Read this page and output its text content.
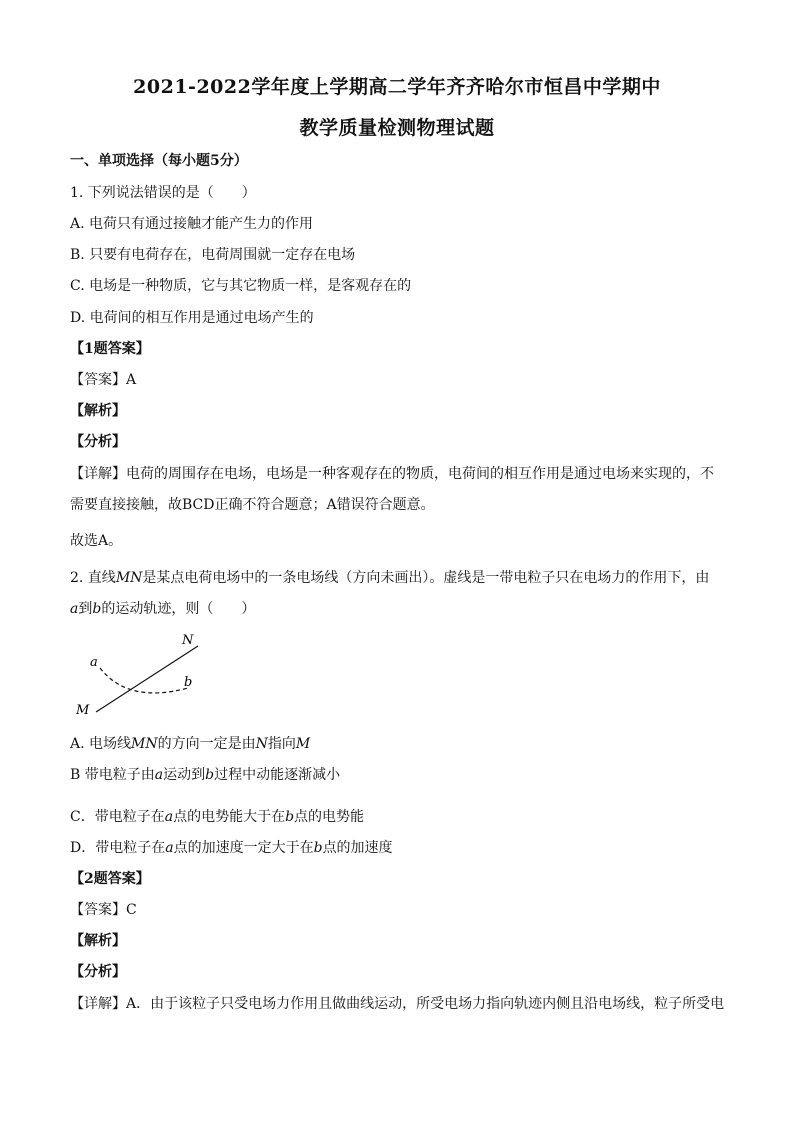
2021-2022学年度上学期高二学年齐齐哈尔市恒昌中学期中
教学质量检测物理试题
一、单项选择（每小题5分）
1. 下列说法错误的是（　　）
A. 电荷只有通过接触才能产生力的作用
B. 只要有电荷存在，电荷周围就一定存在电场
C. 电场是一种物质，它与其它物质一样，是客观存在的
D. 电荷间的相互作用是通过电场产生的
【1题答案】
【答案】A
【解析】
【分析】
【详解】电荷的周围存在电场，电场是一种客观存在的物质，电荷间的相互作用是通过电场来实现的，不
需要直接接触，故BCD正确不符合题意；A错误符合题意。
故选A。
2. 直线MN是某点电荷电场中的一条电场线（方向未画出）。虚线是一带电粒子只在电场力的作用下，由
a到b的运动轨迹，则（　　）
N
M
a
b
A. 电场线MN的方向一定是由N指向M
B 带电粒子由a运动到b过程中动能逐渐减小
C．带电粒子在a点的电势能大于在b点的电势能
D．带电粒子在a点的加速度一定大于在b点的加速度
【2题答案】
【答案】C
【解析】
【分析】
【详解】A．由于该粒子只受电场力作用且做曲线运动，所受电场力指向轨迹内侧且沿电场线，粒子所受电
